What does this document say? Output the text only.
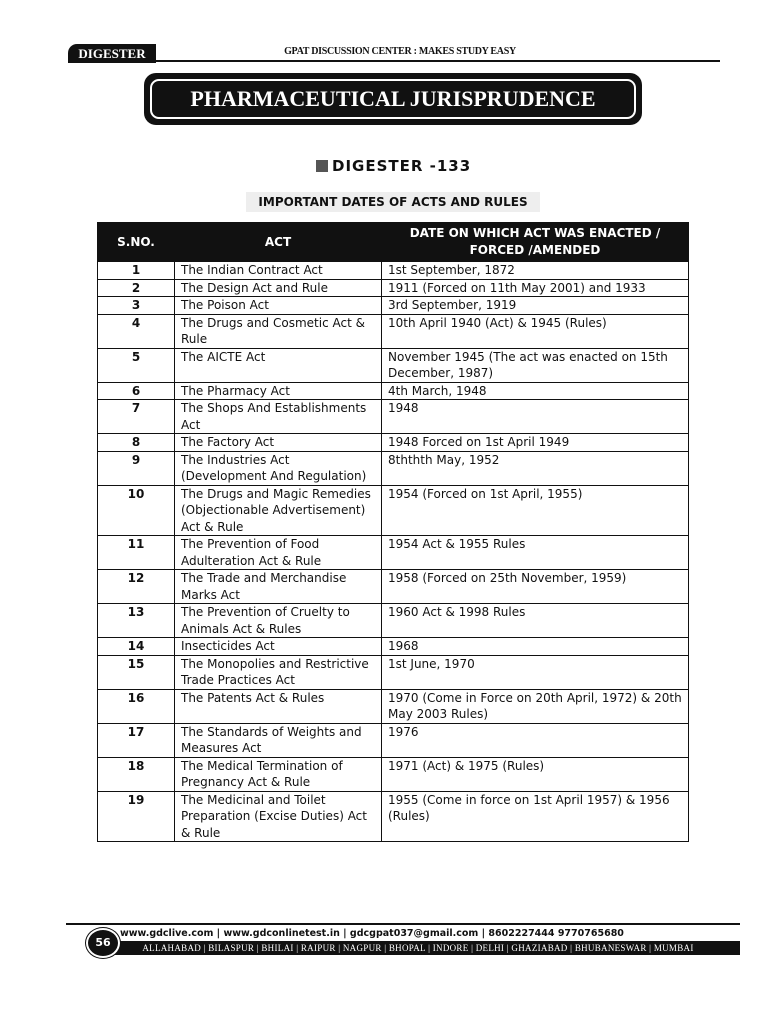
DIGESTER	GPAT DISCUSSION CENTER : MAKES STUDY EASY
PHARMACEUTICAL JURISPRUDENCE
DIGESTER -133
IMPORTANT DATES OF ACTS AND RULES
S.NO.	ACT	DATE ON WHICH ACT WAS ENACTED / FORCED /AMENDED
1	The Indian Contract Act	1st September, 1872
2	The Design Act and Rule	1911 (Forced on 11th May 2001) and 1933
3	The Poison Act	3rd September, 1919
4	The Drugs and Cosmetic Act & Rule	10th April 1940 (Act) & 1945 (Rules)
5	The AICTE Act	November 1945 (The act was enacted on 15th December, 1987)
6	The Pharmacy Act	4th March, 1948
7	The Shops And Establishments Act	1948
8	The Factory Act	1948 Forced on 1st April 1949
9	The Industries Act (Development And Regulation)	8ththth May, 1952
10	The Drugs and Magic Remedies (Objectionable Advertisement) Act & Rule	1954 (Forced on 1st April, 1955)
11	The Prevention of Food Adulteration Act & Rule	1954 Act & 1955 Rules
12	The Trade and Merchandise Marks Act	1958 (Forced on 25th November, 1959)
13	The Prevention of Cruelty to Animals Act & Rules	1960 Act & 1998 Rules
14	Insecticides Act	1968
15	The Monopolies and Restrictive Trade Practices Act	1st June, 1970
16	The Patents Act & Rules	1970 (Come in Force on 20th April, 1972) & 20th May 2003 Rules)
17	The Standards of Weights and Measures Act	1976
18	The Medical Termination of Pregnancy Act & Rule	1971 (Act) & 1975 (Rules)
19	The Medicinal and Toilet Preparation (Excise Duties) Act & Rule	1955 (Come in force on 1st April 1957) & 1956 (Rules)
www.gdclive.com | www.gdconlinetest.in | gdcgpat037@gmail.com | 8602227444 9770765680
ALLAHABAD | BILASPUR | BHILAI | RAIPUR | NAGPUR | BHOPAL | INDORE | DELHI | GHAZIABAD | BHUBANESWAR | MUMBAI
56
